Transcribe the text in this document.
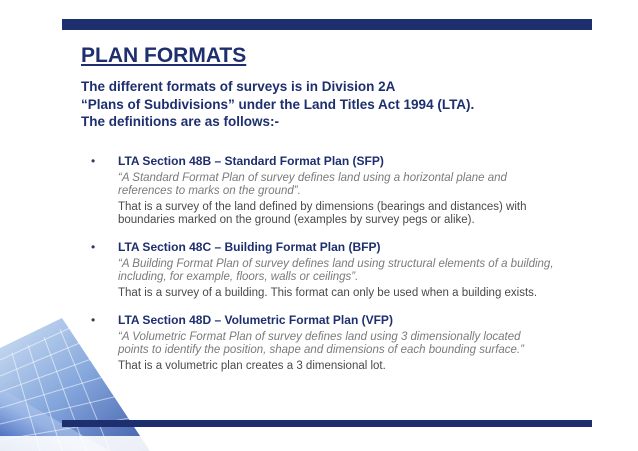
PLAN FORMATS
The different formats of surveys is in Division 2A
“Plans of Subdivisions” under the Land Titles Act 1994 (LTA).
The definitions are as follows:-
• LTA Section 48B – Standard Format Plan (SFP)
“A Standard Format Plan of survey defines land using a horizontal plane and
references to marks on the ground”.
That is a survey of the land defined by dimensions (bearings and distances) with
boundaries marked on the ground (examples by survey pegs or alike).
• LTA Section 48C – Building Format Plan (BFP)
“A Building Format Plan of survey defines land using structural elements of a building,
including, for example, floors, walls or ceilings”.
That is a survey of a building. This format can only be used when a building exists.
• LTA Section 48D – Volumetric Format Plan (VFP)
“A Volumetric Format Plan of survey defines land using 3 dimensionally located
points to identify the position, shape and dimensions of each bounding surface.”
That is a volumetric plan creates a 3 dimensional lot.
